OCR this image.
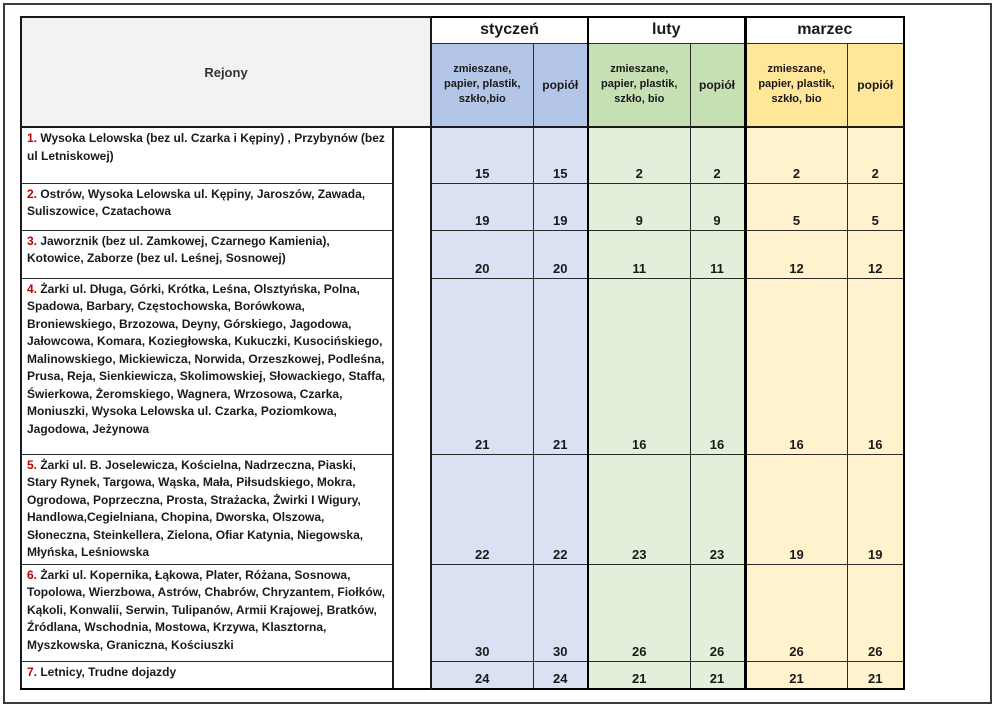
Rejony		styczeń		luty		marzec	
		zmieszane, papier, plastik, szkło,bio	popiół	zmieszane, papier, plastik, szkło, bio	popiół	zmieszane, papier, plastik, szkło, bio	popiół
1. Wysoka Lelowska (bez ul. Czarka i Kępiny) , Przybynów (bez ul Letniskowej)		15	15	2	2	2	2
2. Ostrów, Wysoka Lelowska ul. Kępiny, Jaroszów, Zawada, Suliszowice, Czatachowa		19	19	9	9	5	5
3. Jaworznik (bez ul. Zamkowej, Czarnego Kamienia), Kotowice, Zaborze (bez ul. Leśnej, Sosnowej)		20	20	11	11	12	12
4. Żarki ul. Długa, Górki, Krótka, Leśna, Olsztyńska, Polna, Spadowa, Barbary, Częstochowska, Borówkowa, Broniewskiego, Brzozowa, Deyny, Górskiego, Jagodowa, Jałowcowa, Komara, Koziegłowska, Kukuczki, Kusocińskiego, Malinowskiego, Mickiewicza, Norwida, Orzeszkowej, Podleśna, Prusa, Reja, Sienkiewicza, Skolimowskiej, Słowackiego, Staffa, Świerkowa, Żeromskiego, Wagnera, Wrzosowa, Czarka, Moniuszki, Wysoka Lelowska ul. Czarka, Poziomkowa, Jagodowa, Jeżynowa		21	21	16	16	16	16
5. Żarki ul. B. Joselewicza, Kościelna, Nadrzeczna, Piaski, Stary Rynek, Targowa, Wąska, Mała, Piłsudskiego, Mokra, Ogrodowa, Poprzeczna, Prosta, Strażacka, Żwirki I Wigury, Handlowa,Cegielniana, Chopina, Dworska, Olszowa, Słoneczna, Steinkellera, Zielona, Ofiar Katynia, Niegowska, Młyńska, Leśniowska		22	22	23	23	19	19
6. Żarki ul. Kopernika, Łąkowa, Plater, Różana, Sosnowa, Topolowa, Wierzbowa, Astrów, Chabrów, Chryzantem, Fiołków, Kąkoli, Konwalii, Serwin, Tulipanów, Armii Krajowej, Bratków, Źródlana, Wschodnia, Mostowa, Krzywa, Klasztorna, Myszkowska, Graniczna, Kościuszki		30	30	26	26	26	26
7. Letnicy, Trudne dojazdy		24	24	21	21	21	21
